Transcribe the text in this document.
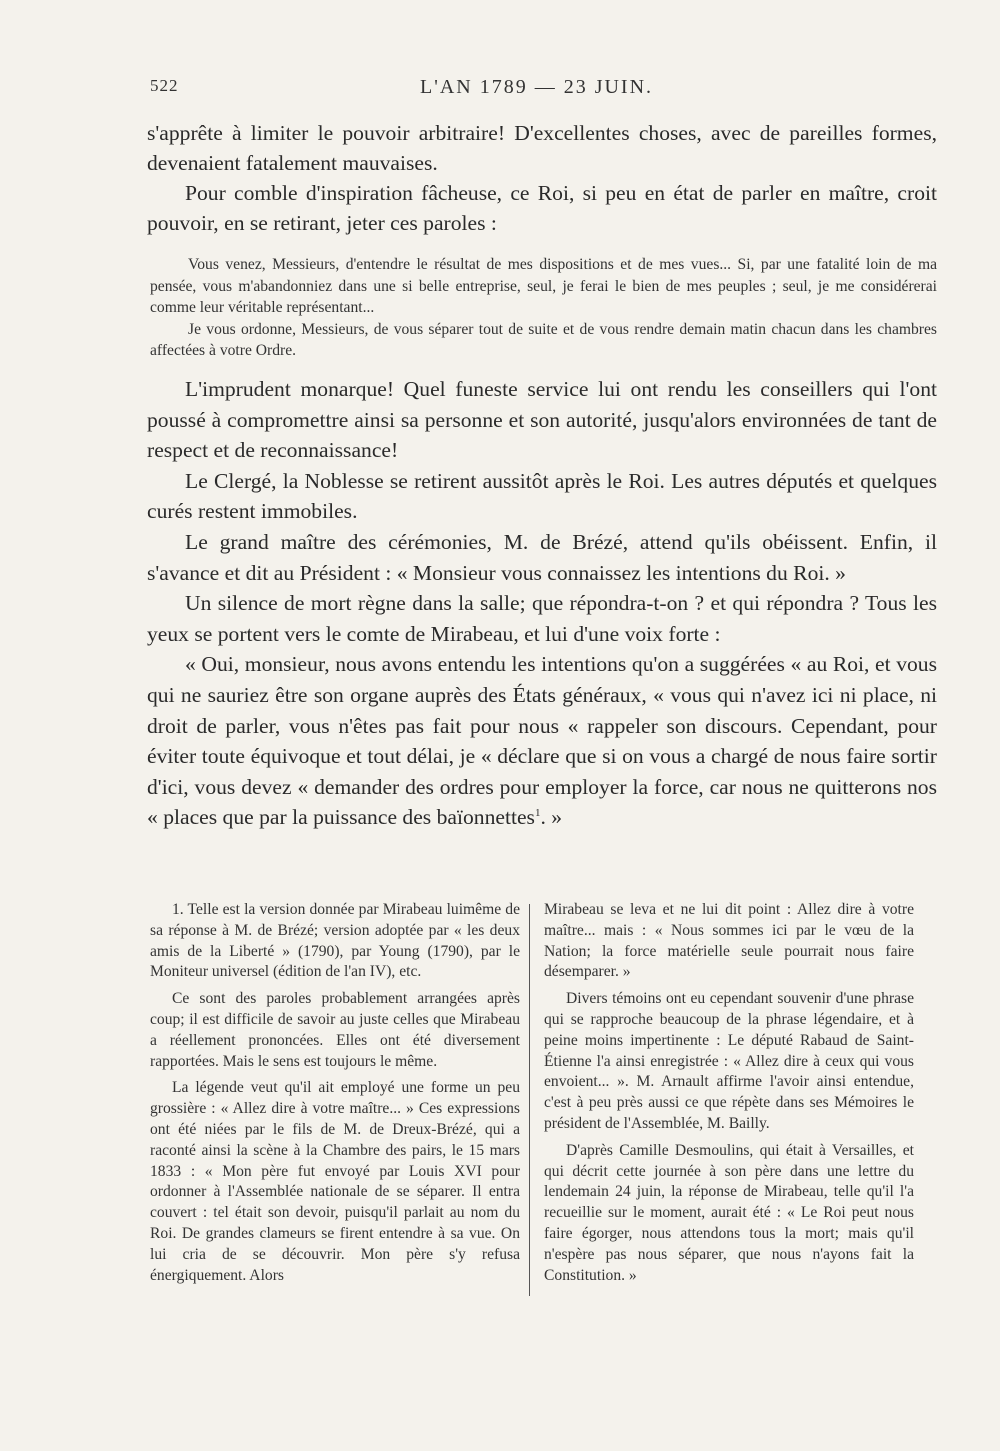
522	L'AN 1789 — 23 JUIN.

s'apprête à limiter le pouvoir arbitraire! D'excellentes choses, avec de pareilles formes, devenaient fatalement mauvaises.

Pour comble d'inspiration fâcheuse, ce Roi, si peu en état de parler en maître, croit pouvoir, en se retirant, jeter ces paroles :

Vous venez, Messieurs, d'entendre le résultat de mes dispositions et de mes vues... Si, par une fatalité loin de ma pensée, vous m'abandonniez dans une si belle entreprise, seul, je ferai le bien de mes peuples ; seul, je me considérerai comme leur véritable représentant...

Je vous ordonne, Messieurs, de vous séparer tout de suite et de vous rendre demain matin chacun dans les chambres affectées à votre Ordre.

L'imprudent monarque! Quel funeste service lui ont rendu les conseillers qui l'ont poussé à compromettre ainsi sa personne et son autorité, jusqu'alors environnées de tant de respect et de reconnaissance!

Le Clergé, la Noblesse se retirent aussitôt après le Roi. Les autres députés et quelques curés restent immobiles.

Le grand maître des cérémonies, M. de Brézé, attend qu'ils obéissent. Enfin, il s'avance et dit au Président : « Monsieur vous connaissez les intentions du Roi. »

Un silence de mort règne dans la salle; que répondra-t-on ? et qui répondra ? Tous les yeux se portent vers le comte de Mirabeau, et lui d'une voix forte :

« Oui, monsieur, nous avons entendu les intentions qu'on a suggérées « au Roi, et vous qui ne sauriez être son organe auprès des États généraux, « vous qui n'avez ici ni place, ni droit de parler, vous n'êtes pas fait pour nous « rappeler son discours. Cependant, pour éviter toute équivoque et tout délai, je « déclare que si on vous a chargé de nous faire sortir d'ici, vous devez « demander des ordres pour employer la force, car nous ne quitterons nos « places que par la puissance des baïonnettes$^1$. »

1. Telle est la version donnée par Mirabeau luimême de sa réponse à M. de Brézé; version adoptée par « les deux amis de la Liberté » (1790), par Young (1790), par le Moniteur universel (édition de l'an IV), etc.

Ce sont des paroles probablement arrangées après coup; il est difficile de savoir au juste celles que Mirabeau a réellement prononcées. Elles ont été diversement rapportées. Mais le sens est toujours le même.

La légende veut qu'il ait employé une forme un peu grossière : « Allez dire à votre maître... » Ces expressions ont été niées par le fils de M. de Dreux-Brézé, qui a raconté ainsi la scène à la Chambre des pairs, le 15 mars 1833 : « Mon père fut envoyé par Louis XVI pour ordonner à l'Assemblée nationale de se séparer. Il entra couvert : tel était son devoir, puisqu'il parlait au nom du Roi. De grandes clameurs se firent entendre à sa vue. On lui cria de se découvrir. Mon père s'y refusa énergiquement. Alors

Mirabeau se leva et ne lui dit point : Allez dire à votre maître... mais : « Nous sommes ici par le vœu de la Nation; la force matérielle seule pourrait nous faire désemparer. »

Divers témoins ont eu cependant souvenir d'une phrase qui se rapproche beaucoup de la phrase légendaire, et à peine moins impertinente : Le député Rabaud de Saint-Étienne l'a ainsi enregistrée : « Allez dire à ceux qui vous envoient... ». M. Arnault affirme l'avoir ainsi entendue, c'est à peu près aussi ce que répète dans ses Mémoires le président de l'Assemblée, M. Bailly.

D'après Camille Desmoulins, qui était à Versailles, et qui décrit cette journée à son père dans une lettre du lendemain 24 juin, la réponse de Mirabeau, telle qu'il l'a recueillie sur le moment, aurait été : « Le Roi peut nous faire égorger, nous attendons tous la mort; mais qu'il n'espère pas nous séparer, que nous n'ayons fait la Constitution. »
